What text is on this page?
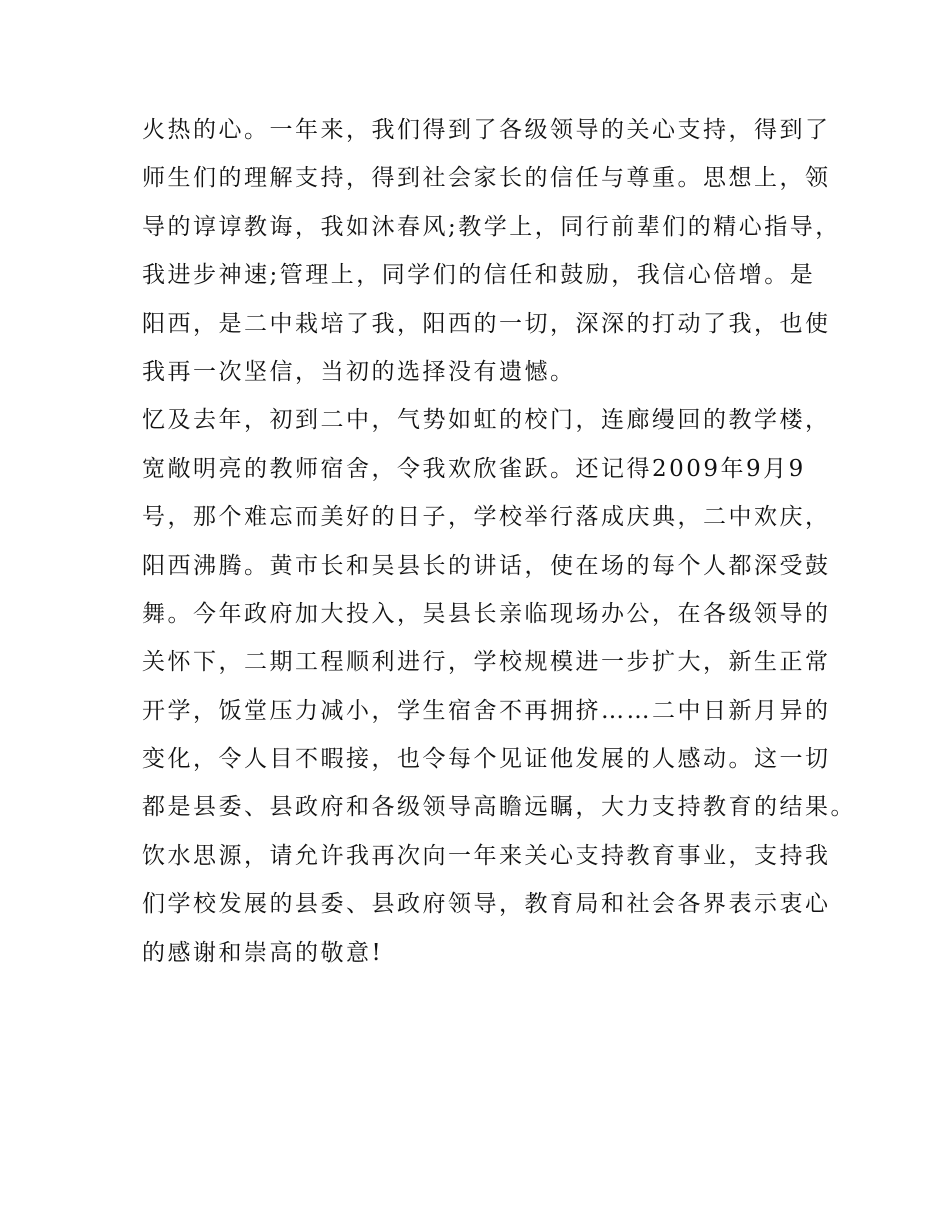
火热的心。一年来，我们得到了各级领导的关心支持，得到了
师生们的理解支持，得到社会家长的信任与尊重。思想上，领
导的谆谆教诲，我如沐春风;教学上，同行前辈们的精心指导，
我进步神速;管理上，同学们的信任和鼓励，我信心倍增。是
阳西，是二中栽培了我，阳西的一切，深深的打动了我，也使
我再一次坚信，当初的选择没有遗憾。
忆及去年，初到二中，气势如虹的校门，连廊缦回的教学楼，
宽敞明亮的教师宿舍，令我欢欣雀跃。还记得2009年9月9
号，那个难忘而美好的日子，学校举行落成庆典，二中欢庆，
阳西沸腾。黄市长和吴县长的讲话，使在场的每个人都深受鼓
舞。今年政府加大投入，吴县长亲临现场办公，在各级领导的
关怀下，二期工程顺利进行，学校规模进一步扩大，新生正常
开学，饭堂压力减小，学生宿舍不再拥挤……二中日新月异的
变化，令人目不暇接，也令每个见证他发展的人感动。这一切
都是县委、县政府和各级领导高瞻远瞩，大力支持教育的结果。
饮水思源，请允许我再次向一年来关心支持教育事业，支持我
们学校发展的县委、县政府领导，教育局和社会各界表示衷心
的感谢和崇高的敬意!
